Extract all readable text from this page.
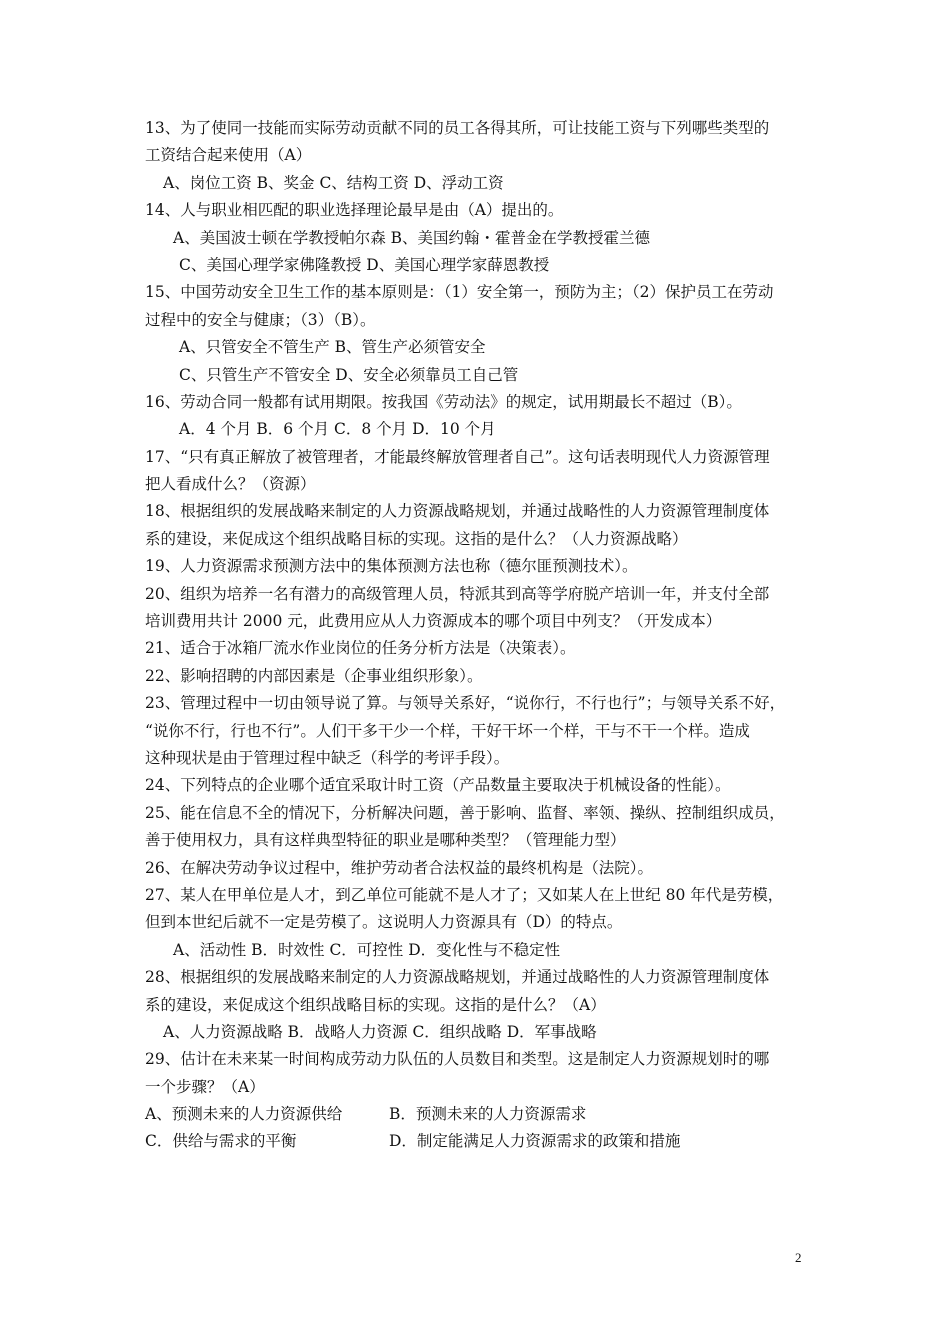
13、为了使同一技能而实际劳动贡献不同的员工各得其所，可让技能工资与下列哪些类型的
工资结合起来使用（A）
A、岗位工资 B、奖金 C、结构工资 D、浮动工资
14、人与职业相匹配的职业选择理论最早是由（A）提出的。
A、美国波士顿在学教授帕尔森 B、美国约翰・霍普金在学教授霍兰德
C、美国心理学家佛隆教授 D、美国心理学家薛恩教授
15、中国劳动安全卫生工作的基本原则是：（1）安全第一，预防为主；（2）保护员工在劳动
过程中的安全与健康；（3）（B）。
A、只管安全不管生产 B、管生产必须管安全
C、只管生产不管安全 D、安全必须靠员工自己管
16、劳动合同一般都有试用期限。按我国《劳动法》的规定，试用期最长不超过（B）。
A．4 个月 B．6 个月 C．8 个月 D．10 个月
17、“只有真正解放了被管理者，才能最终解放管理者自己”。这句话表明现代人力资源管理
把人看成什么？（资源）
18、根据组织的发展战略来制定的人力资源战略规划，并通过战略性的人力资源管理制度体
系的建设，来促成这个组织战略目标的实现。这指的是什么？（人力资源战略）
19、人力资源需求预测方法中的集体预测方法也称（德尔匪预测技术）。
20、组织为培养一名有潜力的高级管理人员，特派其到高等学府脱产培训一年，并支付全部
培训费用共计 2000 元，此费用应从人力资源成本的哪个项目中列支？（开发成本）
21、适合于冰箱厂流水作业岗位的任务分析方法是（决策表）。
22、影响招聘的内部因素是（企事业组织形象）。
23、管理过程中一切由领导说了算。与领导关系好，“说你行，不行也行”；与领导关系不好，
“说你不行，行也不行”。人们干多干少一个样，干好干坏一个样，干与不干一个样。造成
这种现状是由于管理过程中缺乏（科学的考评手段）。
24、下列特点的企业哪个适宜采取计时工资（产品数量主要取决于机械设备的性能）。
25、能在信息不全的情况下，分析解决问题，善于影响、监督、率领、操纵、控制组织成员，
善于使用权力，具有这样典型特征的职业是哪种类型？（管理能力型）
26、在解决劳动争议过程中，维护劳动者合法权益的最终机构是（法院）。
27、某人在甲单位是人才，到乙单位可能就不是人才了；又如某人在上世纪 80 年代是劳模，
但到本世纪后就不一定是劳模了。这说明人力资源具有（D）的特点。
A、活动性 B．时效性 C．可控性 D．变化性与不稳定性
28、根据组织的发展战略来制定的人力资源战略规划，并通过战略性的人力资源管理制度体
系的建设，来促成这个组织战略目标的实现。这指的是什么？（A）
A、人力资源战略 B．战略人力资源 C．组织战略 D．军事战略
29、估计在未来某一时间构成劳动力队伍的人员数目和类型。这是制定人力资源规划时的哪
一个步骤？（A）
A、预测未来的人力资源供给	B．预测未来的人力资源需求
C．供给与需求的平衡	D．制定能满足人力资源需求的政策和措施
2
